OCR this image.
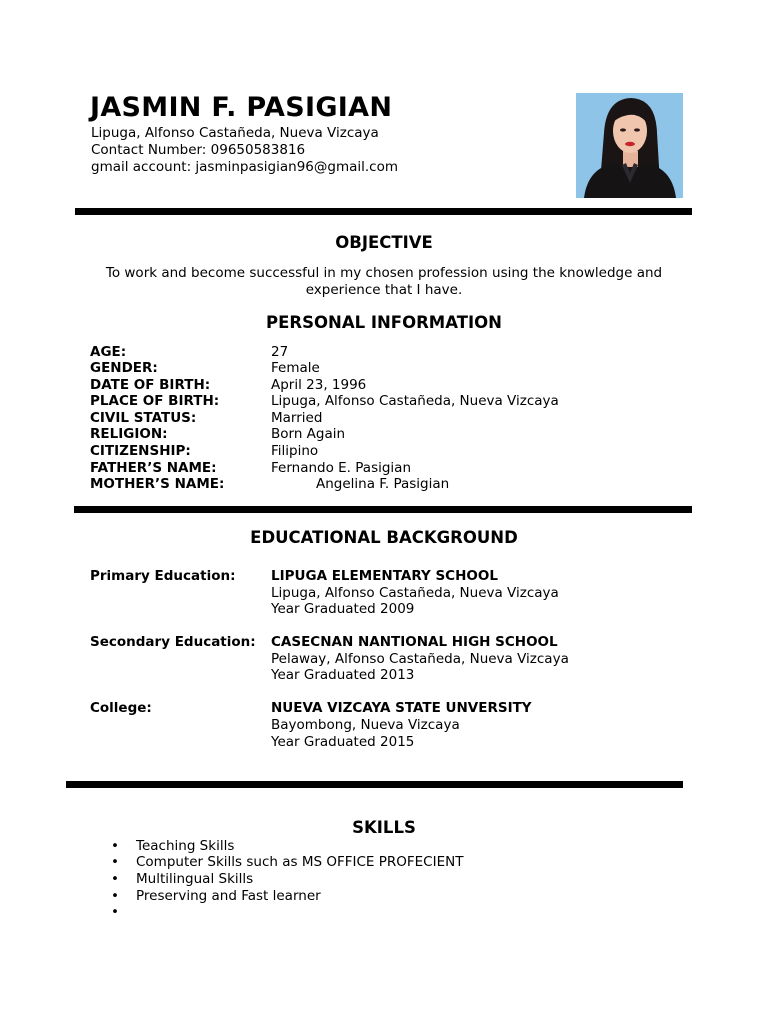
JASMIN F. PASIGIAN
Lipuga, Alfonso Castañeda, Nueva Vizcaya
Contact Number: 09650583816
gmail account: jasminpasigian96@gmail.com
OBJECTIVE
To work and become successful in my chosen profession using the knowledge and
experience that I have.
PERSONAL INFORMATION
AGE:	27
GENDER:	Female
DATE OF BIRTH:	April 23, 1996
PLACE OF BIRTH:	Lipuga, Alfonso Castañeda, Nueva Vizcaya
CIVIL STATUS:	Married
RELIGION:	Born Again
CITIZENSHIP:	Filipino
FATHER’S NAME:	Fernando E. Pasigian
MOTHER’S NAME:	Angelina F. Pasigian
EDUCATIONAL BACKGROUND
Primary Education:	LIPUGA ELEMENTARY SCHOOL
Lipuga, Alfonso Castañeda, Nueva Vizcaya
Year Graduated 2009
Secondary Education: CASECNAN NANTIONAL HIGH SCHOOL
Pelaway, Alfonso Castañeda, Nueva Vizcaya
Year Graduated 2013
College:	NUEVA VIZCAYA STATE UNVERSITY
Bayombong, Nueva Vizcaya
Year Graduated 2015
SKILLS
• Teaching Skills
• Computer Skills such as MS OFFICE PROFECIENT
• Multilingual Skills
• Preserving and Fast learner
•
